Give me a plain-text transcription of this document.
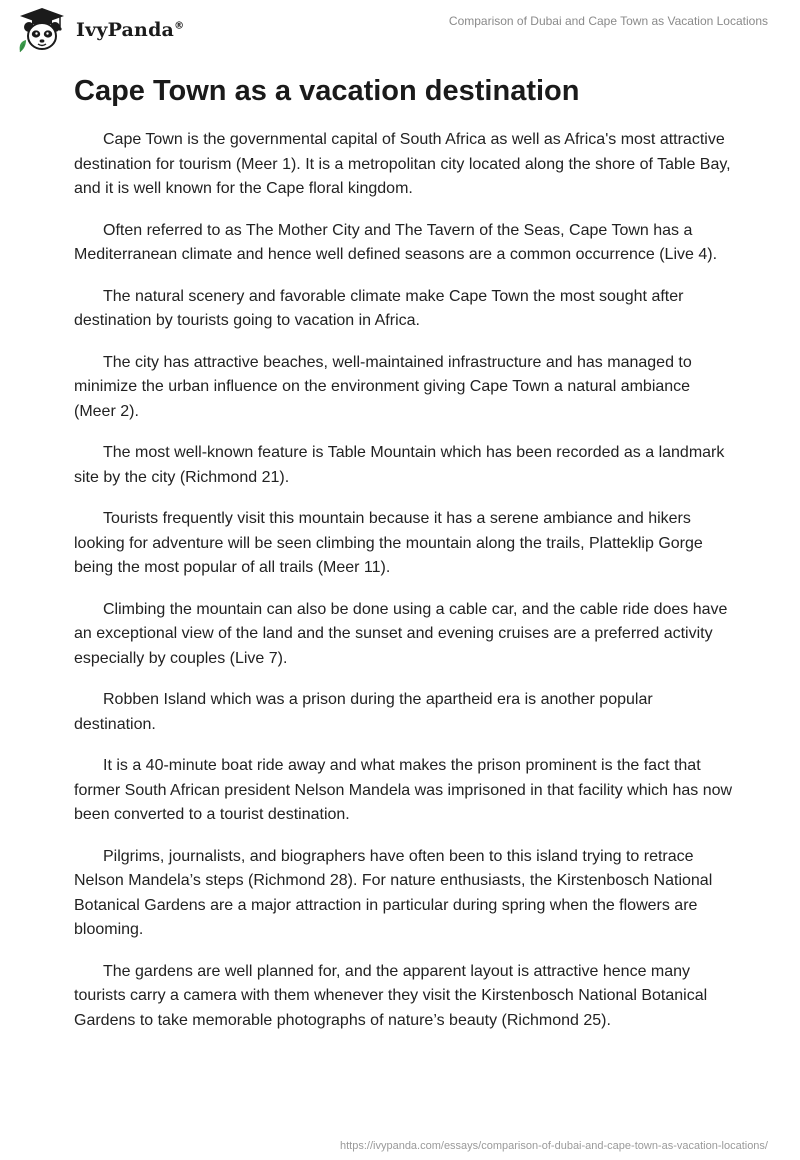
IvyPanda®	Comparison of Dubai and Cape Town as Vacation Locations
Cape Town as a vacation destination

Cape Town is the governmental capital of South Africa as well as Africa's most attractive destination for tourism (Meer 1). It is a metropolitan city located along the shore of Table Bay, and it is well known for the Cape floral kingdom.

Often referred to as The Mother City and The Tavern of the Seas, Cape Town has a Mediterranean climate and hence well defined seasons are a common occurrence (Live 4).

The natural scenery and favorable climate make Cape Town the most sought after destination by tourists going to vacation in Africa.

The city has attractive beaches, well-maintained infrastructure and has managed to minimize the urban influence on the environment giving Cape Town a natural ambiance (Meer 2).

The most well-known feature is Table Mountain which has been recorded as a landmark site by the city (Richmond 21).

Tourists frequently visit this mountain because it has a serene ambiance and hikers looking for adventure will be seen climbing the mountain along the trails, Platteklip Gorge being the most popular of all trails (Meer 11).

Climbing the mountain can also be done using a cable car, and the cable ride does have an exceptional view of the land and the sunset and evening cruises are a preferred activity especially by couples (Live 7).

Robben Island which was a prison during the apartheid era is another popular destination.

It is a 40-minute boat ride away and what makes the prison prominent is the fact that former South African president Nelson Mandela was imprisoned in that facility which has now been converted to a tourist destination.

Pilgrims, journalists, and biographers have often been to this island trying to retrace Nelson Mandela’s steps (Richmond 28). For nature enthusiasts, the Kirstenbosch National Botanical Gardens are a major attraction in particular during spring when the flowers are blooming.

The gardens are well planned for, and the apparent layout is attractive hence many tourists carry a camera with them whenever they visit the Kirstenbosch National Botanical Gardens to take memorable photographs of nature’s beauty (Richmond 25).

https://ivypanda.com/essays/comparison-of-dubai-and-cape-town-as-vacation-locations/
